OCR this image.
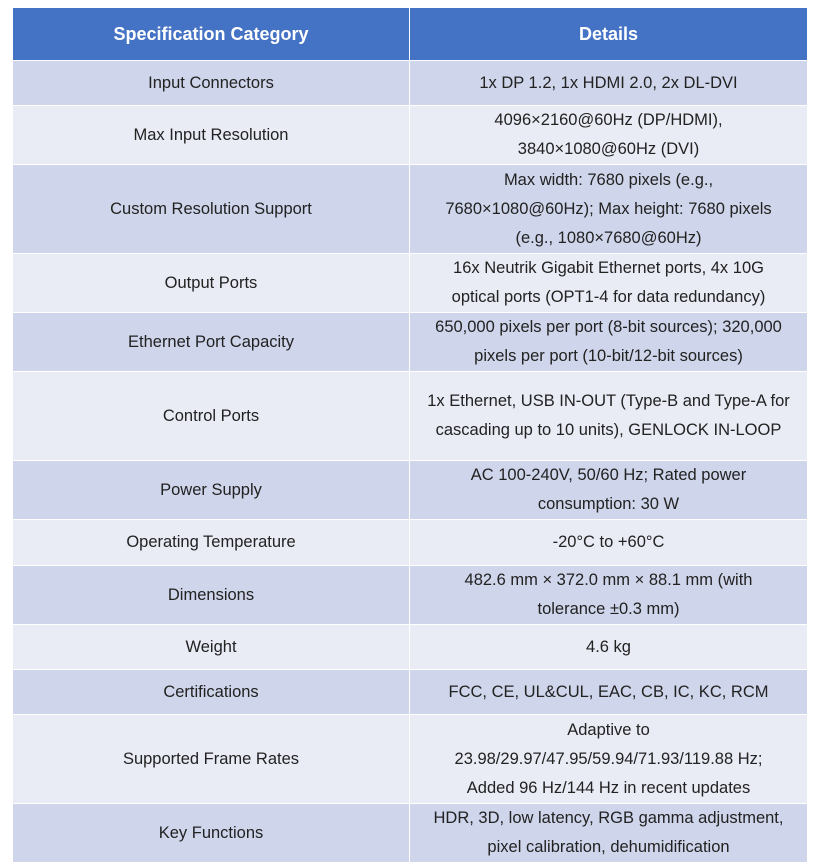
Specification Category	Details
Input Connectors	1x DP 1.2, 1x HDMI 2.0, 2x DL-DVI
Max Input Resolution	4096×2160@60Hz (DP/HDMI), 3840×1080@60Hz (DVI)
Custom Resolution Support	Max width: 7680 pixels (e.g., 7680×1080@60Hz); Max height: 7680 pixels (e.g., 1080×7680@60Hz)
Output Ports	16x Neutrik Gigabit Ethernet ports, 4x 10G optical ports (OPT1-4 for data redundancy)
Ethernet Port Capacity	650,000 pixels per port (8-bit sources); 320,000 pixels per port (10-bit/12-bit sources)
Control Ports	1x Ethernet, USB IN-OUT (Type-B and Type-A for cascading up to 10 units), GENLOCK IN-LOOP
Power Supply	AC 100-240V, 50/60 Hz; Rated power consumption: 30 W
Operating Temperature	-20°C to +60°C
Dimensions	482.6 mm × 372.0 mm × 88.1 mm (with tolerance ±0.3 mm)
Weight	4.6 kg
Certifications	FCC, CE, UL&CUL, EAC, CB, IC, KC, RCM
Supported Frame Rates	Adaptive to 23.98/29.97/47.95/59.94/71.93/119.88 Hz; Added 96 Hz/144 Hz in recent updates
Key Functions	HDR, 3D, low latency, RGB gamma adjustment, pixel calibration, dehumidification
